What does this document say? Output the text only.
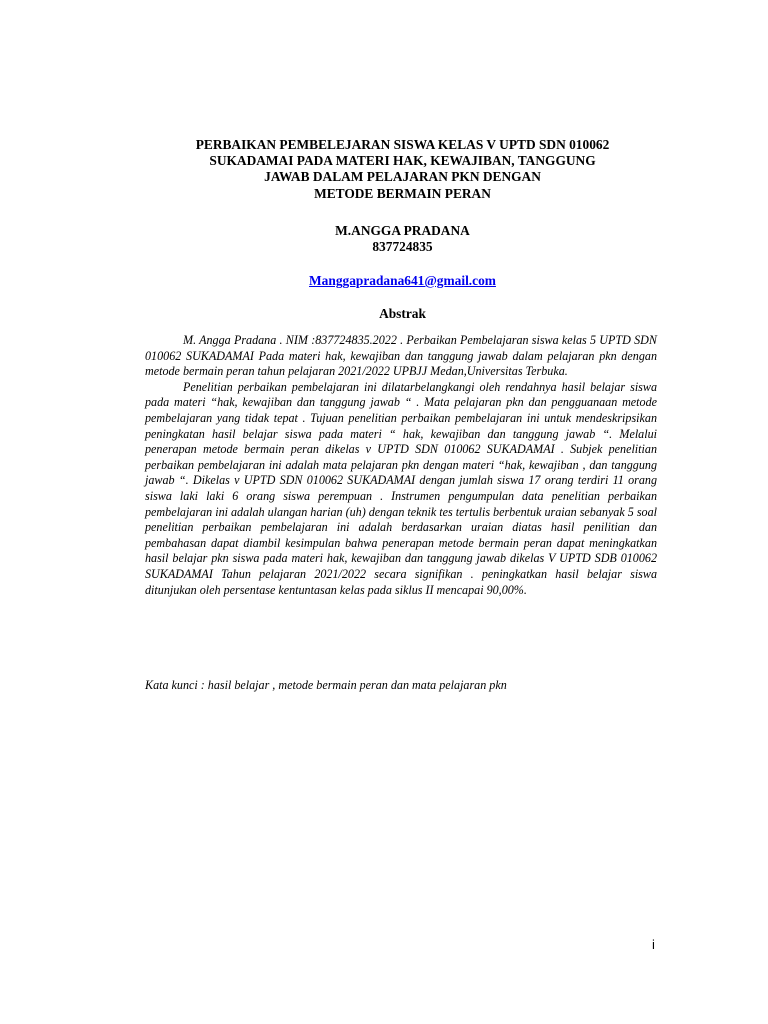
PERBAIKAN PEMBELEJARAN SISWA KELAS V UPTD SDN 010062
SUKADAMAI PADA MATERI HAK, KEWAJIBAN, TANGGUNG
JAWAB DALAM PELAJARAN PKN DENGAN
METODE BERMAIN PERAN
M.ANGGA PRADANA
837724835
Manggapradana641@gmail.com
Abstrak

M. Angga Pradana . NIM :837724835.2022 . Perbaikan Pembelajaran siswa kelas 5 UPTD SDN 010062 SUKADAMAI Pada materi hak, kewajiban dan tanggung jawab dalam pelajaran pkn dengan metode bermain peran tahun pelajaran 2021/2022 UPBJJ Medan,Universitas Terbuka.

Penelitian perbaikan pembelajaran ini dilatarbelangkangi oleh rendahnya hasil belajar siswa pada materi “hak, kewajiban dan tanggung jawab “ . Mata pelajaran pkn dan pengguanaan metode pembelajaran yang tidak tepat . Tujuan penelitian perbaikan pembelajaran ini untuk mendeskripsikan peningkatan hasil belajar siswa pada materi “ hak, kewajiban dan tanggung jawab “. Melalui penerapan metode bermain peran dikelas v UPTD SDN 010062 SUKADAMAI . Subjek penelitian perbaikan pembelajaran ini adalah mata pelajaran pkn dengan materi “hak, kewajiban , dan tanggung jawab “. Dikelas v UPTD SDN 010062 SUKADAMAI dengan jumlah siswa 17 orang terdiri 11 orang siswa laki laki 6 orang siswa perempuan . Instrumen pengumpulan data penelitian perbaikan pembelajaran ini adalah ulangan harian (uh) dengan teknik tes tertulis berbentuk uraian sebanyak 5 soal penelitian perbaikan pembelajaran ini adalah berdasarkan uraian diatas hasil penilitian dan pembahasan dapat diambil kesimpulan bahwa penerapan metode bermain peran dapat meningkatkan hasil belajar pkn siswa pada materi hak, kewajiban dan tanggung jawab dikelas V UPTD SDB 010062 SUKADAMAI Tahun pelajaran 2021/2022 secara signifikan . peningkatkan hasil belajar siswa ditunjukan oleh persentase kentuntasan kelas pada siklus II mencapai 90,00%.

Kata kunci : hasil belajar , metode bermain peran dan mata pelajaran pkn
i
